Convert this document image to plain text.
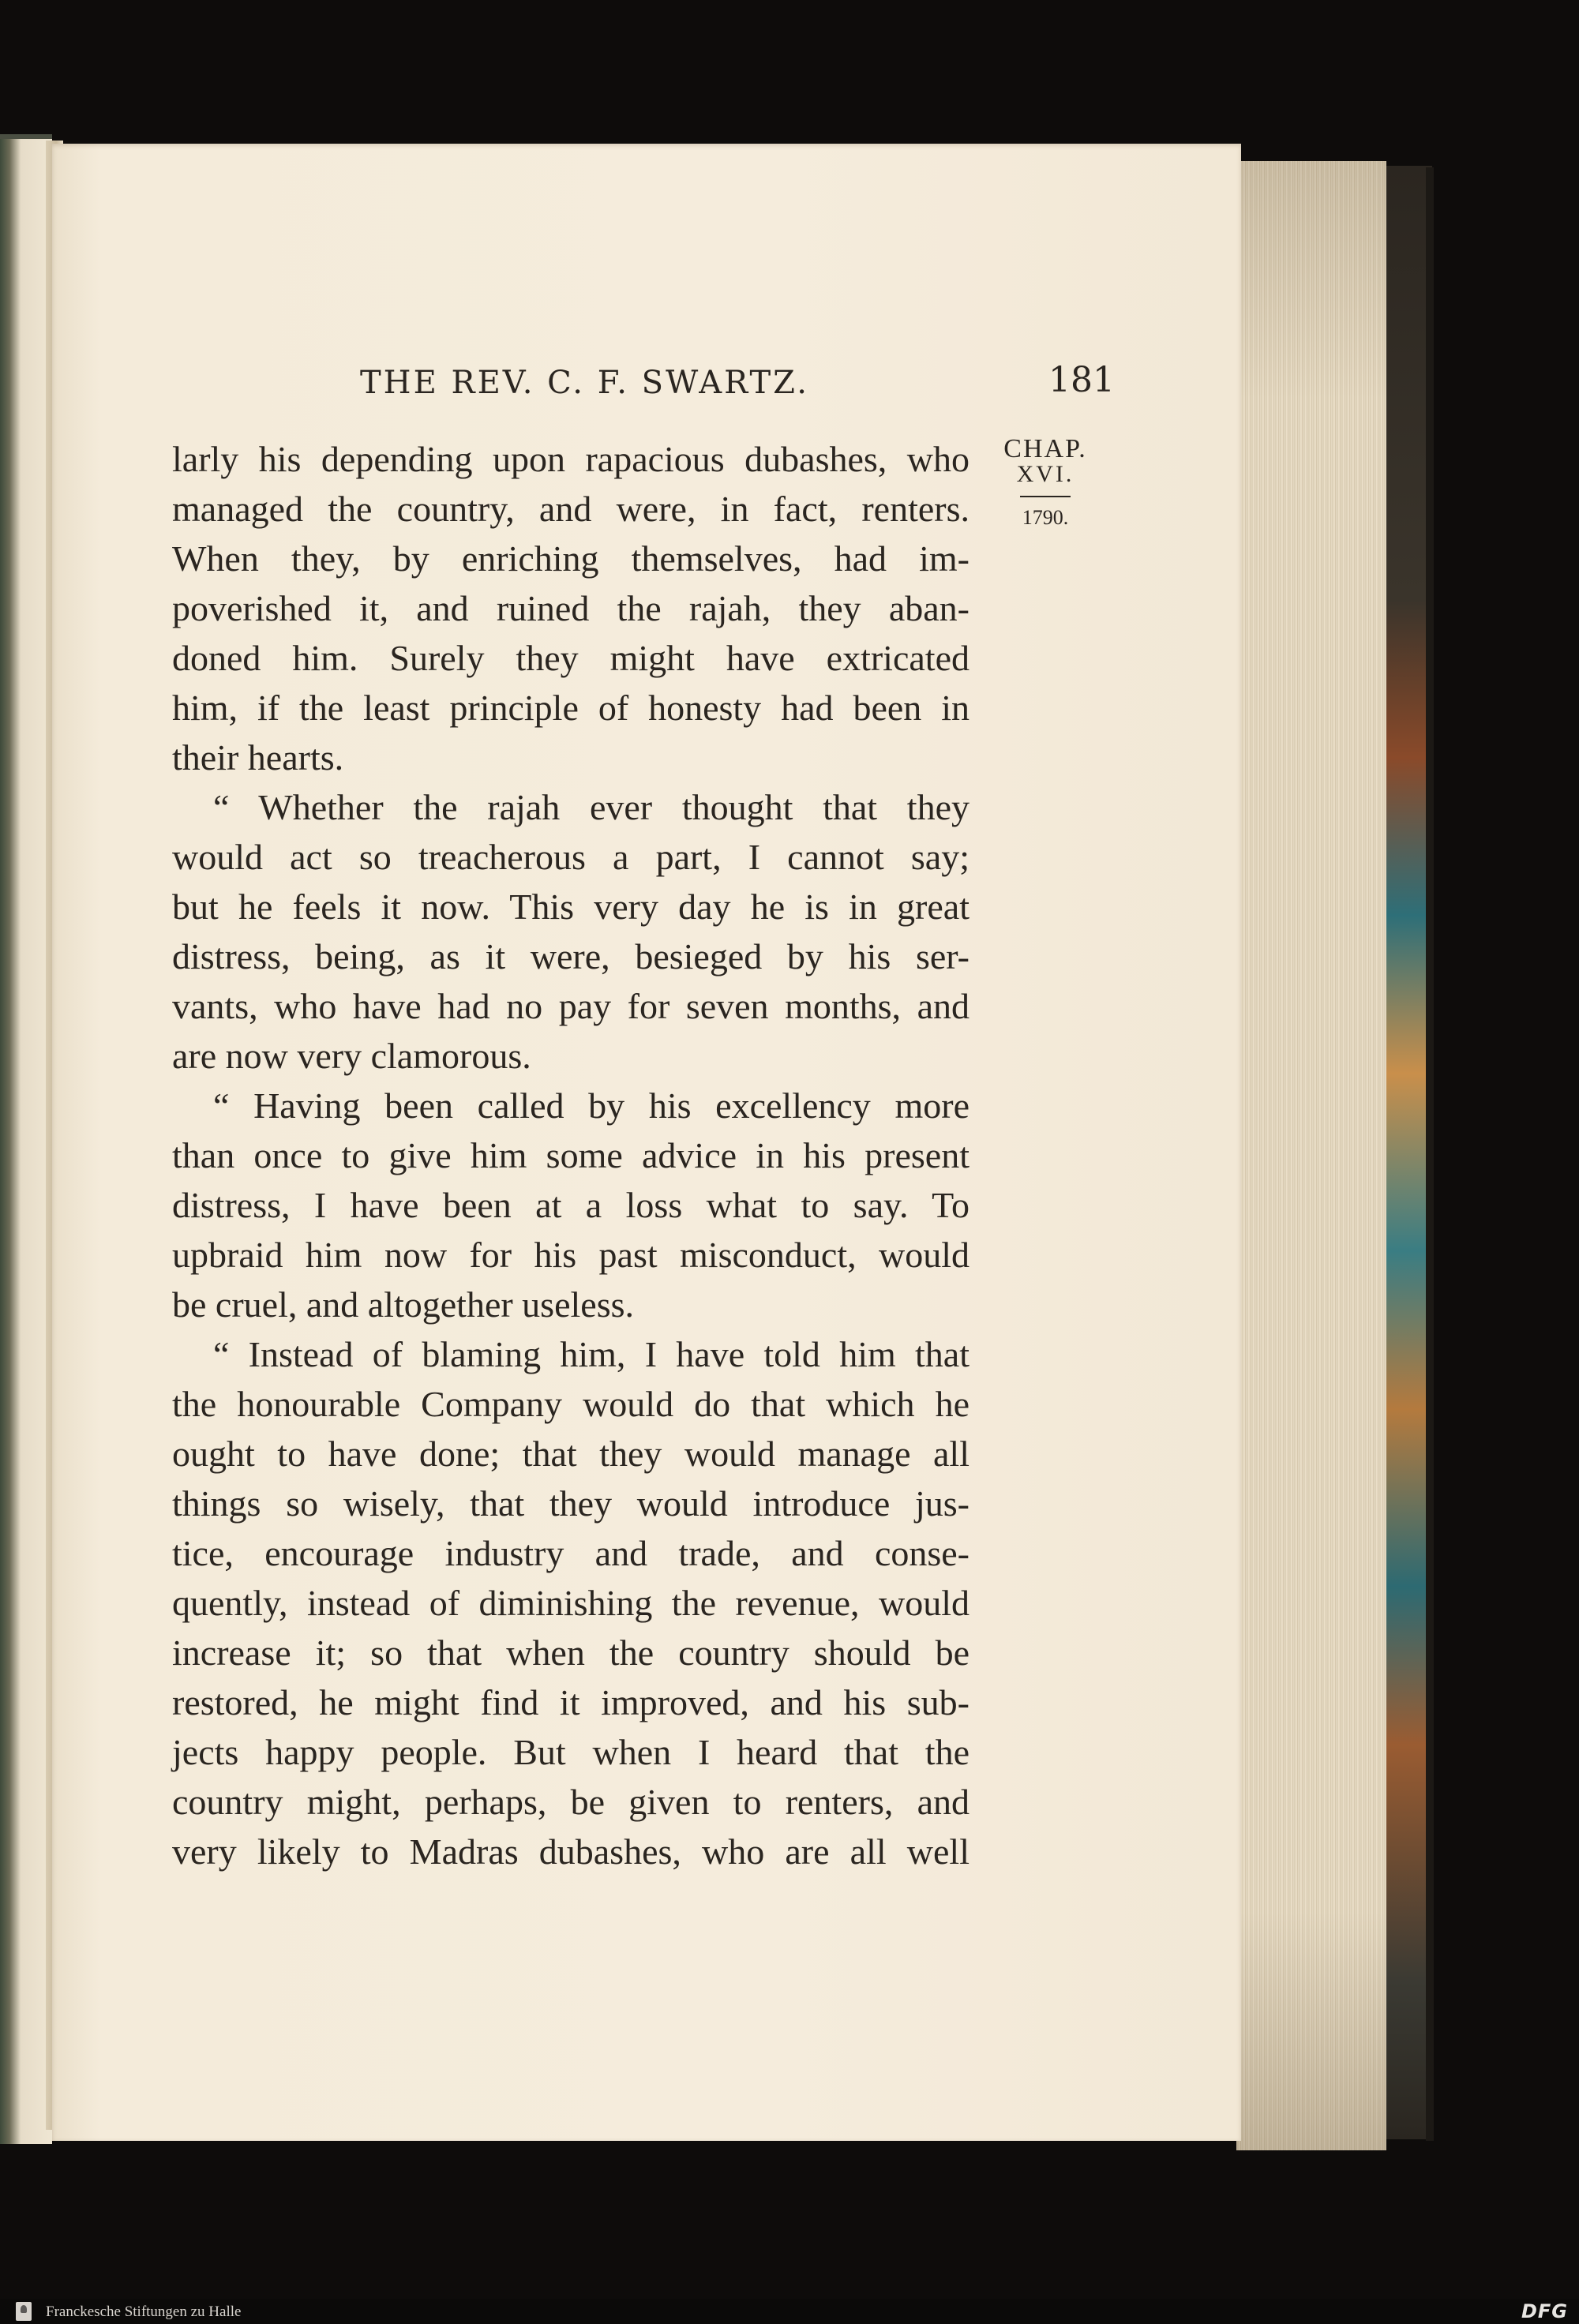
THE REV. C. F. SWARTZ.	181
CHAP.
XVI.
1790.
larly his depending upon rapacious dubashes, who
managed the country, and were, in fact, renters.
When they, by enriching themselves, had im-
poverished it, and ruined the rajah, they aban-
doned him. Surely they might have extricated
him, if the least principle of honesty had been in
their hearts.
“ Whether the rajah ever thought that they
would act so treacherous a part, I cannot say;
but he feels it now. This very day he is in great
distress, being, as it were, besieged by his ser-
vants, who have had no pay for seven months, and
are now very clamorous.
“ Having been called by his excellency more
than once to give him some advice in his present
distress, I have been at a loss what to say. To
upbraid him now for his past misconduct, would
be cruel, and altogether useless.
“ Instead of blaming him, I have told him that
the honourable Company would do that which he
ought to have done; that they would manage all
things so wisely, that they would introduce jus-
tice, encourage industry and trade, and conse-
quently, instead of diminishing the revenue, would
increase it; so that when the country should be
restored, he might find it improved, and his sub-
jects happy people. But when I heard that the
country might, perhaps, be given to renters, and
very likely to Madras dubashes, who are all well
Franckesche Stiftungen zu Halle	DFG
